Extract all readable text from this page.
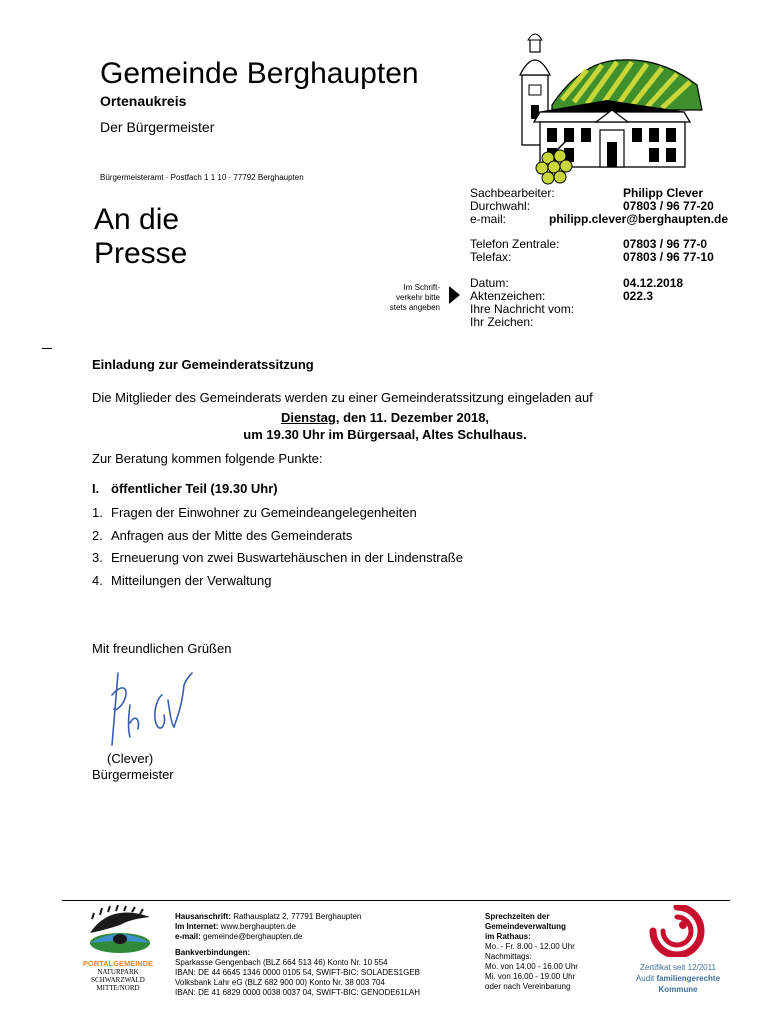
Gemeinde Berghaupten
Ortenaukreis
Der Bürgermeister
Bürgermeisteramt · Postfach 1 1 10 · 77792 Berghaupten
An die
Presse
Im Schrift-
verkehr bitte
stets angeben
Sachbearbeiter:	Philipp Clever
Durchwahl:	07803 / 96 77-20
e-mail:	philipp.clever@berghaupten.de
Telefon Zentrale:	07803 / 96 77-0
Telefax:	07803 / 96 77-10
Datum:	04.12.2018
Aktenzeichen:	022.3
Ihre Nachricht vom:
Ihr Zeichen:
Einladung zur Gemeinderatssitzung
Die Mitglieder des Gemeinderats werden zu einer Gemeinderatssitzung eingeladen auf
Dienstag, den 11. Dezember 2018,
um 19.30 Uhr im Bürgersaal, Altes Schulhaus.
Zur Beratung kommen folgende Punkte:
I. öffentlicher Teil (19.30 Uhr)
1. Fragen der Einwohner zu Gemeindeangelegenheiten
2. Anfragen aus der Mitte des Gemeinderats
3. Erneuerung von zwei Buswartehäuschen in der Lindenstraße
4. Mitteilungen der Verwaltung
Mit freundlichen Grüßen
(Clever)
Bürgermeister
PORTALGEMEINDE
NATURPARK
SCHWARZWALD
MITTE/NORD
Hausanschrift: Rathausplatz 2, 77791 Berghaupten
Im Internet: www.berghaupten.de
e-mail: gemeinde@berghaupten.de
Bankverbindungen:
Sparkasse Gengenbach (BLZ 664 513 46) Konto Nr. 10 554
IBAN: DE 44 6645 1346 0000 0105 54, SWIFT-BIC: SOLADES1GEB
Volksbank Lahr eG (BLZ 682 900 00) Konto Nr. 38 003 704
IBAN: DE 41 6829 0000 0038 0037 04, SWIFT-BIC: GENODE61LAH
Sprechzeiten der
Gemeindeverwaltung
im Rathaus:
Mo. - Fr. 8.00 - 12.00 Uhr
Nachmittags:
Mo. von 14.00 - 16.00 Uhr
Mi. von 16.00 - 19.00 Uhr
oder nach Vereinbarung
Zertifikat seit 12/2011
Audit familiengerechte
Kommune
